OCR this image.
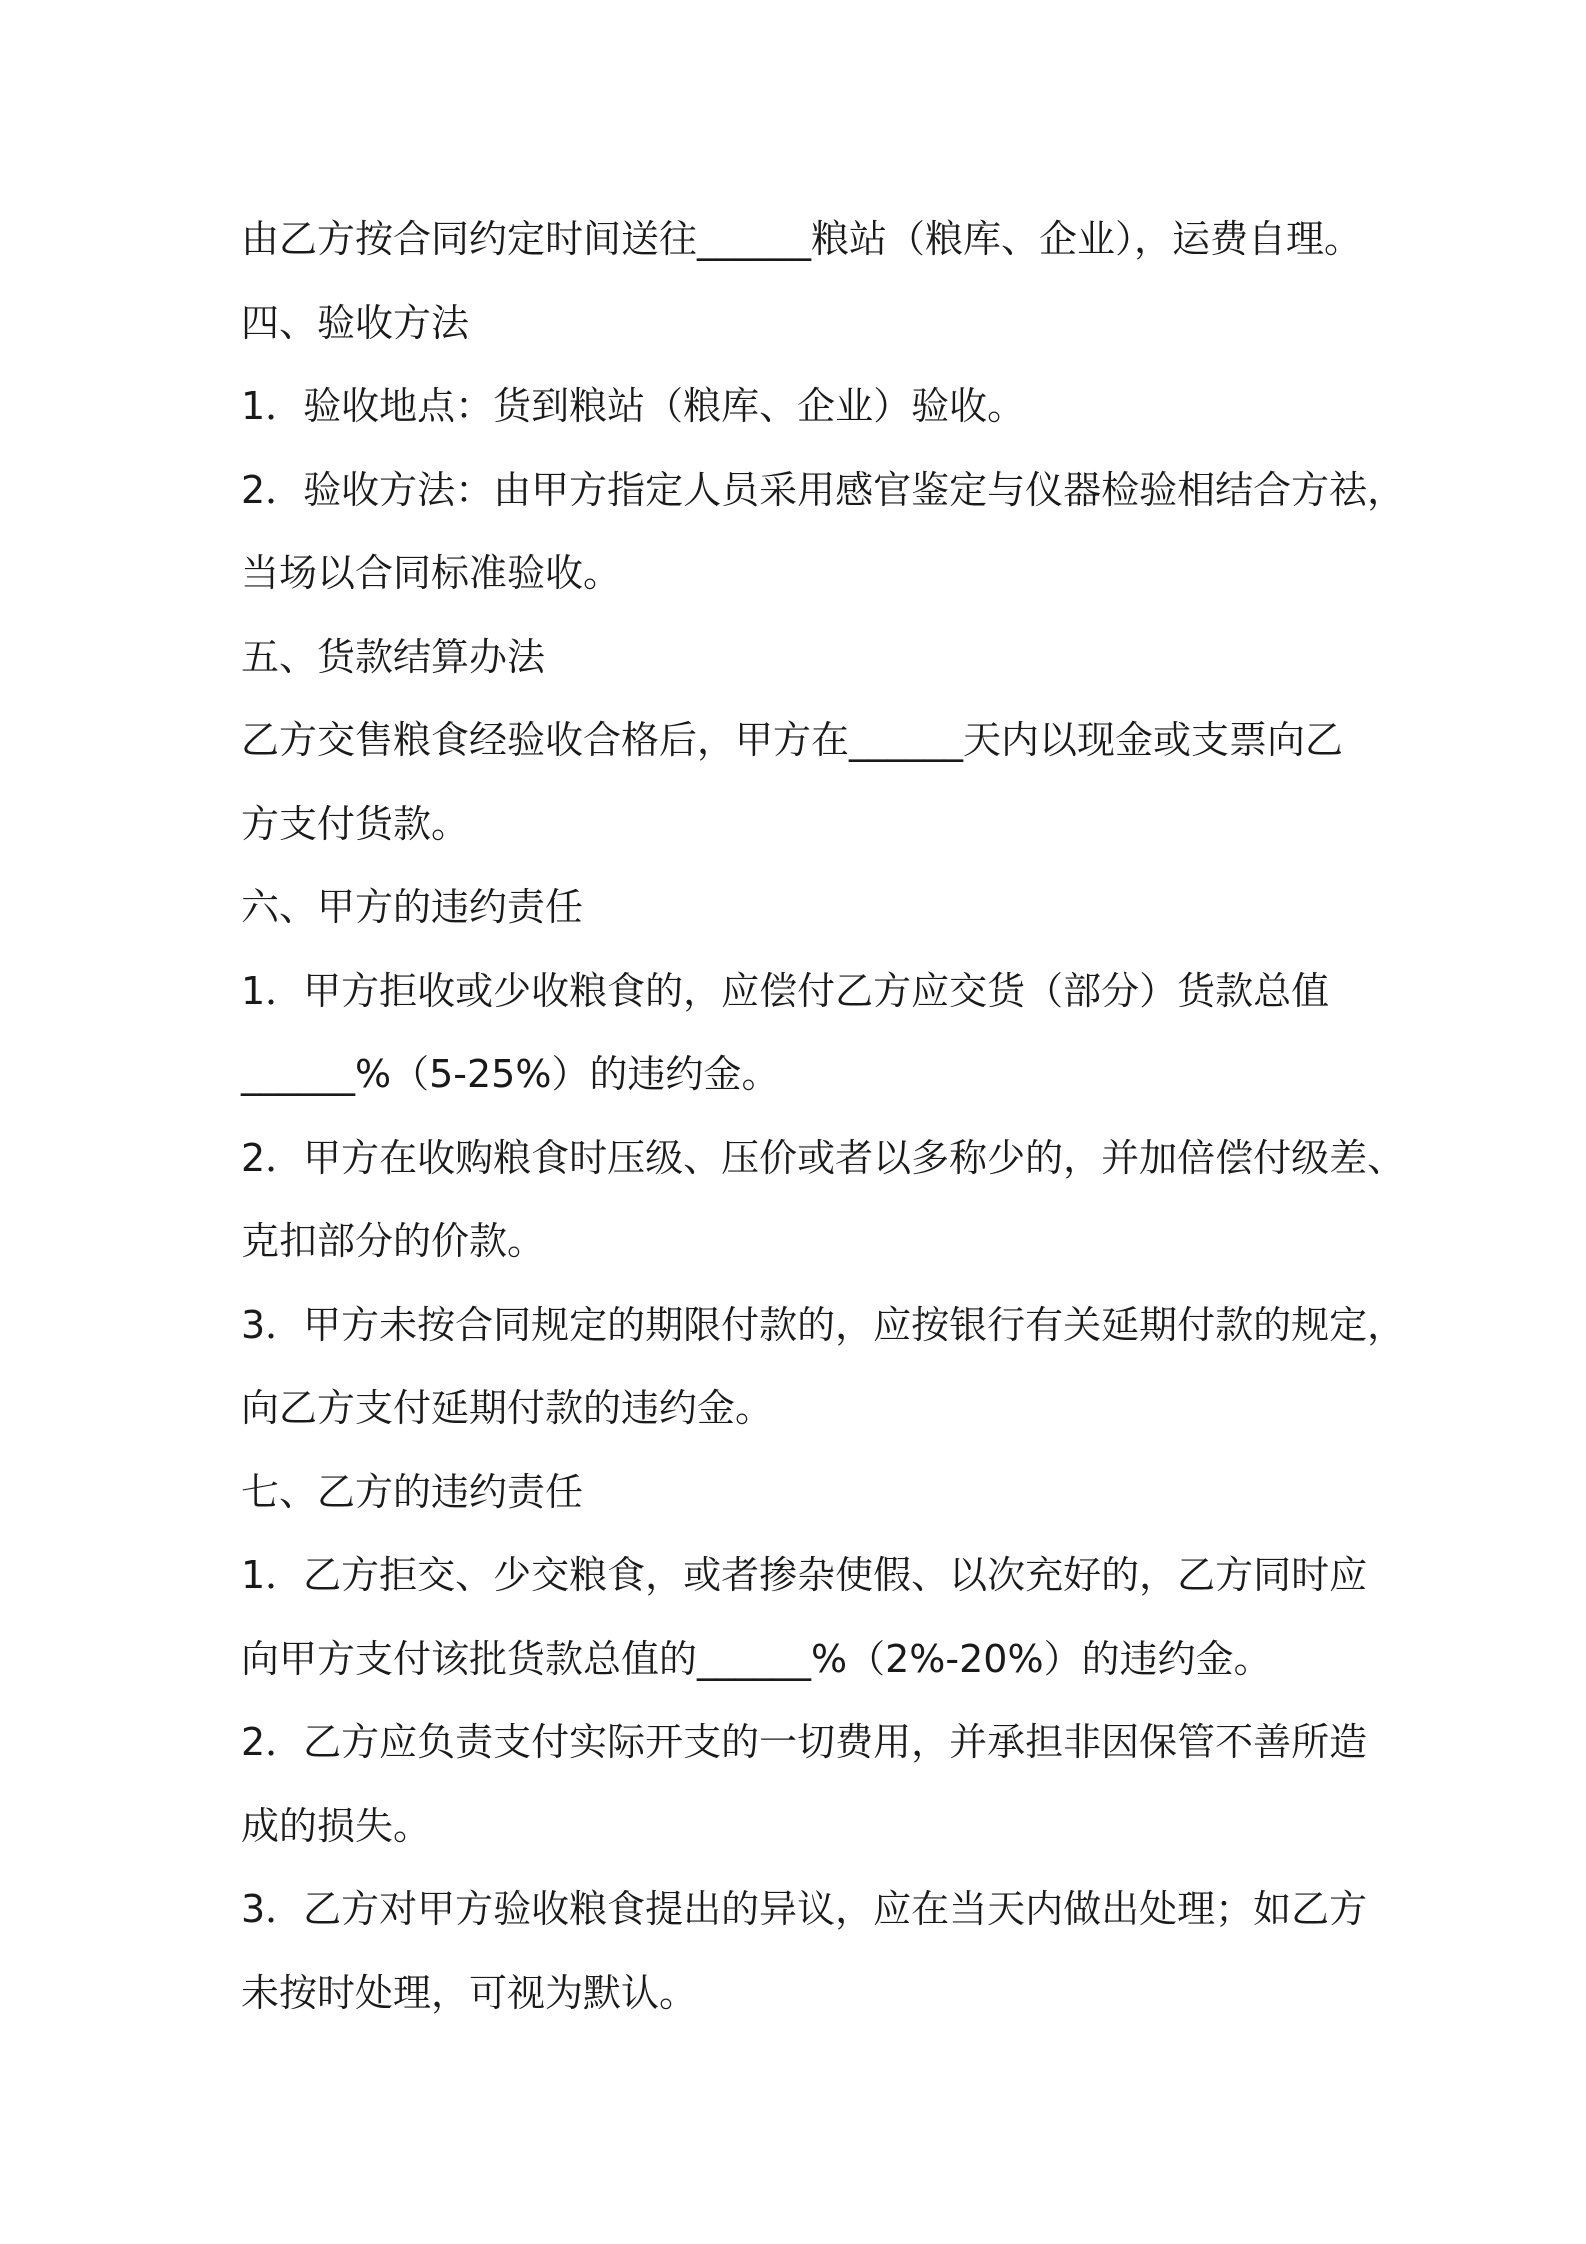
由乙方按合同约定时间送往______粮站（粮库、企业），运费自理。
四、验收方法
1．验收地点：货到粮站（粮库、企业）验收。
2．验收方法：由甲方指定人员采用感官鉴定与仪器检验相结合方祛，
当场以合同标准验收。
五、货款结算办法
乙方交售粮食经验收合格后，甲方在______天内以现金或支票向乙
方支付货款。
六、甲方的违约责任
1．甲方拒收或少收粮食的，应偿付乙方应交货（部分）货款总值
______%（5-25%）的违约金。
2．甲方在收购粮食时压级、压价或者以多称少的，并加倍偿付级差、
克扣部分的价款。
3．甲方未按合同规定的期限付款的，应按银行有关延期付款的规定，
向乙方支付延期付款的违约金。
七、乙方的违约责任
1．乙方拒交、少交粮食，或者掺杂使假、以次充好的，乙方同时应
向甲方支付该批货款总值的______%（2%-20%）的违约金。
2．乙方应负责支付实际开支的一切费用，并承担非因保管不善所造
成的损失。
3．乙方对甲方验收粮食提出的异议，应在当天内做出处理；如乙方
未按时处理，可视为默认。
